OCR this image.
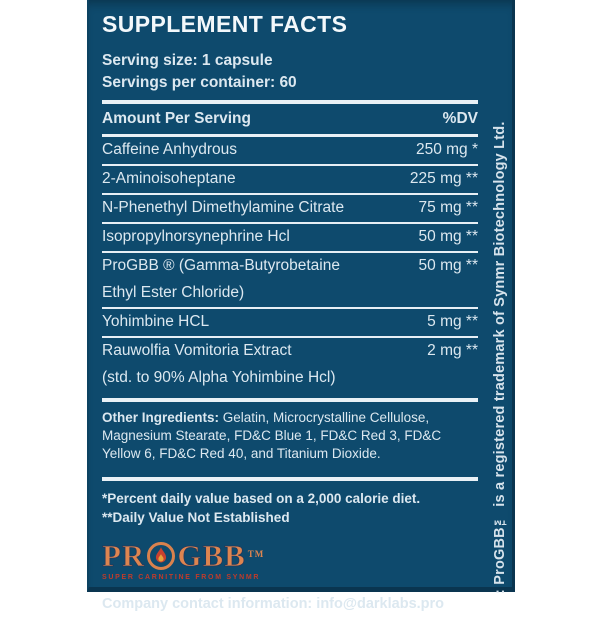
SUPPLEMENT FACTS

Serving size: 1 capsule

Servings per container: 60

Amount Per Serving	%DV
Caffeine Anhydrous	250 mg *
2-Aminoisoheptane	225 mg **
N-Phenethyl Dimethylamine Citrate	75 mg **
Isopropylnorsynephrine Hcl	50 mg **
ProGBB ® (Gamma-Butyrobetaine	50 mg **
Ethyl Ester Chloride)
Yohimbine HCL	5 mg **
Rauwolfia Vomitoria Extract	2 mg **
(std. to 90% Alpha Yohimbine Hcl)

Other Ingredients: Gelatin, Microcrystalline Cellulose, Magnesium Stearate, FD&C Blue 1, FD&C Red 3, FD&C Yellow 6, FD&C Red 40, and Titanium Dioxide.

*Percent daily value based on a 2,000 calorie diet.

**Daily Value Not Established

PR GBB TM
SUPER CARNITINE FROM SYNMR

Company contact information: info@darklabs.pro

: ProGBB™ is a registered trademark of Synmr Biotechnology Ltd.
